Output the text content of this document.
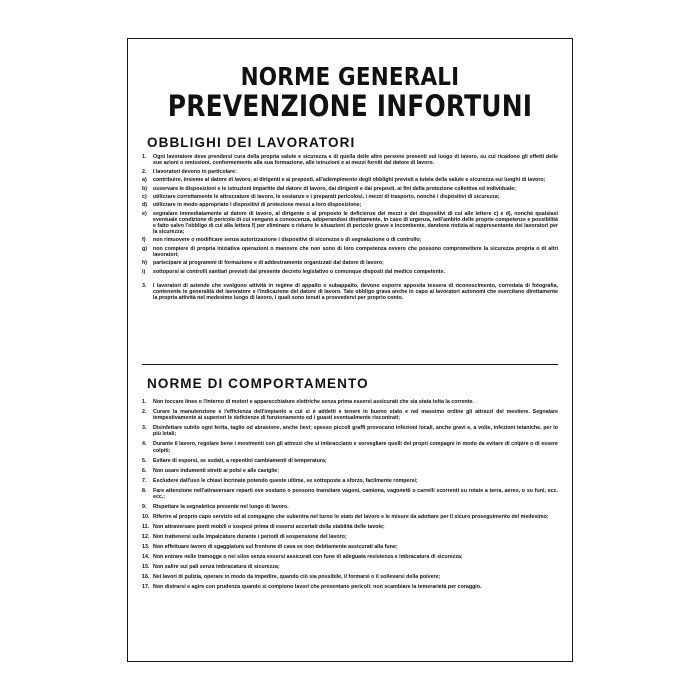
NORME GENERALI
PREVENZIONE INFORTUNI
OBBLIGHI DEI LAVORATORI
1.	Ogni lavoratore deve prendersi cura della propria salute e sicurezza e di quella delle altre persone presenti sul luogo di lavoro, su cui ricadono gli effetti delle sue azioni o omissioni, conformemente alla sua formazione, alle istruzioni e ai mezzi forniti dal datore di lavoro.
2.	I lavoratori devono in particolare:
a)	contribuire, insieme al datore di lavoro, ai dirigenti e ai preposti, all'adempimento degli obblighi previsti a tutela della salute e sicurezza sui luoghi di lavoro;
b)	osservare le disposizioni e le istruzioni impartite dal datore di lavoro, dai dirigenti e dai preposti, ai fini della protezione collettiva ed individuale;
c)	utilizzare correttamente le attrezzature di lavoro, le sostanze e i preparati pericolosi, i mezzi di trasporto, nonché i dispositivi di sicurezza;
d)	utilizzare in modo appropriato i dispositivi di protezione messi a loro disposizione;
e)	segnalare immediatamente al datore di lavoro, al dirigente o al preposto le deficienze dei mezzi e dei dispositivi di cui alle lettere c) e d), nonché qualsiasi eventuale condizione di pericolo di cui vengano a conoscenza, adoperandosi direttamente, in caso di urgenza, nell'ambito delle proprie competenze e possibilità e fatto salvo l'obbligo di cui alla lettera f) per eliminare o ridurre le situazioni di pericolo grave e incombente, dandone notizia al rappresentante dei lavoratori per la sicurezza;
f)	non rimuovere o modificare senza autorizzazione i dispositivi di sicurezza o di segnalazione o di controllo;
g)	non compiere di propria iniziativa operazioni o manovre che non sono di loro competenza ovvero che possono compromettere la sicurezza propria o di altri lavoratori;
h)	partecipare ai programmi di formazione e di addestramento organizzati dal datore di lavoro;
i)	sottoporsi ai controlli sanitari previsti dal presente decreto legislativo o comunque disposti dal medico competente.
3.	I lavoratori di aziende che svolgono attività in regime di appalto o subappalto, devono esporre apposita tessera di riconoscimento, corredata di fotografia, contenente le generalità del lavoratore e l'indicazione del datore di lavoro. Tale obbligo grava anche in capo ai lavoratori autonomi che esercitano direttamente la propria attività nel medesimo luogo di lavoro, i quali sono tenuti a provvedervi per proprio conto.
NORME DI COMPORTAMENTO
1.	Non toccare linee o l'interno di motori e apparecchiature elettriche senza prima essersi assicurati che sia stata tolta la corrente.
2.	Curare la manutenzione e l'efficienza dell'impianto a cui si è addetti e tenere in buono stato e nel massimo ordine gli attrezzi del mestiere. Segnalare tempestivamente ai superiori le deficienze di funzionamento ed i guasti eventualmente riscontrati;
3.	Disinfettare subito ogni ferita, taglio od abrasione, anche lievi; spesso piccoli graffi provocano infezioni locali, anche gravi e, a volte, infezioni tetaniche, per lo più letali;
4.	Durante il lavoro, regolare bene i movimenti con gli attrezzi che si imbracciano e sorvegliare quelli dei propri compagni in modo da evitare di colpire o di essere colpiti;
5.	Evitare di esporsi, se sudati, a repentini cambiamenti di temperatura;
6.	Non usare indumenti stretti ai polsi e alle caviglie;
7.	Escludere dall'uso le chiavi incrinate potendo queste ultime, se sottoposte a sforzo, facilmente rompersi;
8.	Fare attenzione nell'attraversare reparti ove sostano o possono transitare vagoni, camiona, vagonetti o carrelli scorrenti su rotaie a terra, aereo, o su funi, ecc. ecc.;
9.	Rispettare la segnaletica presente nel luogo di lavoro.
10. Riferire al proprio capo servizio ed al compagno che subentra nel turno lo stato del lavoro e le misure da adottare per il sicuro proseguimento del medesimo;
11. Non attraversare ponti mobili o sospesi prima di essersi accertati della stabilità delle tavole;
12. Non trattenersi sulle impalcature durante i periodi di sospensione del lavoro;
13. Non effettuare lavoro di sgaggiatura sul frontone di cava se non debitamente assicurati alla fune;
14. Non entrare nelle tramogge o nei silos senza essersi assicurati con fune di adeguata resistenza e imbracatura di sicurezza;
15. Non salire sui pali senza imbracatura di sicurezza;
16. Nei lavori di pulizia, operare in modo da impedire, quando ciò sia possibile, il formarsi o il sollevarsi della polvere;
17. Non distrarsi e agire con prudenza quando si compiono lavori che presentano pericoli: non scambiare la temerarietà per coraggio.
